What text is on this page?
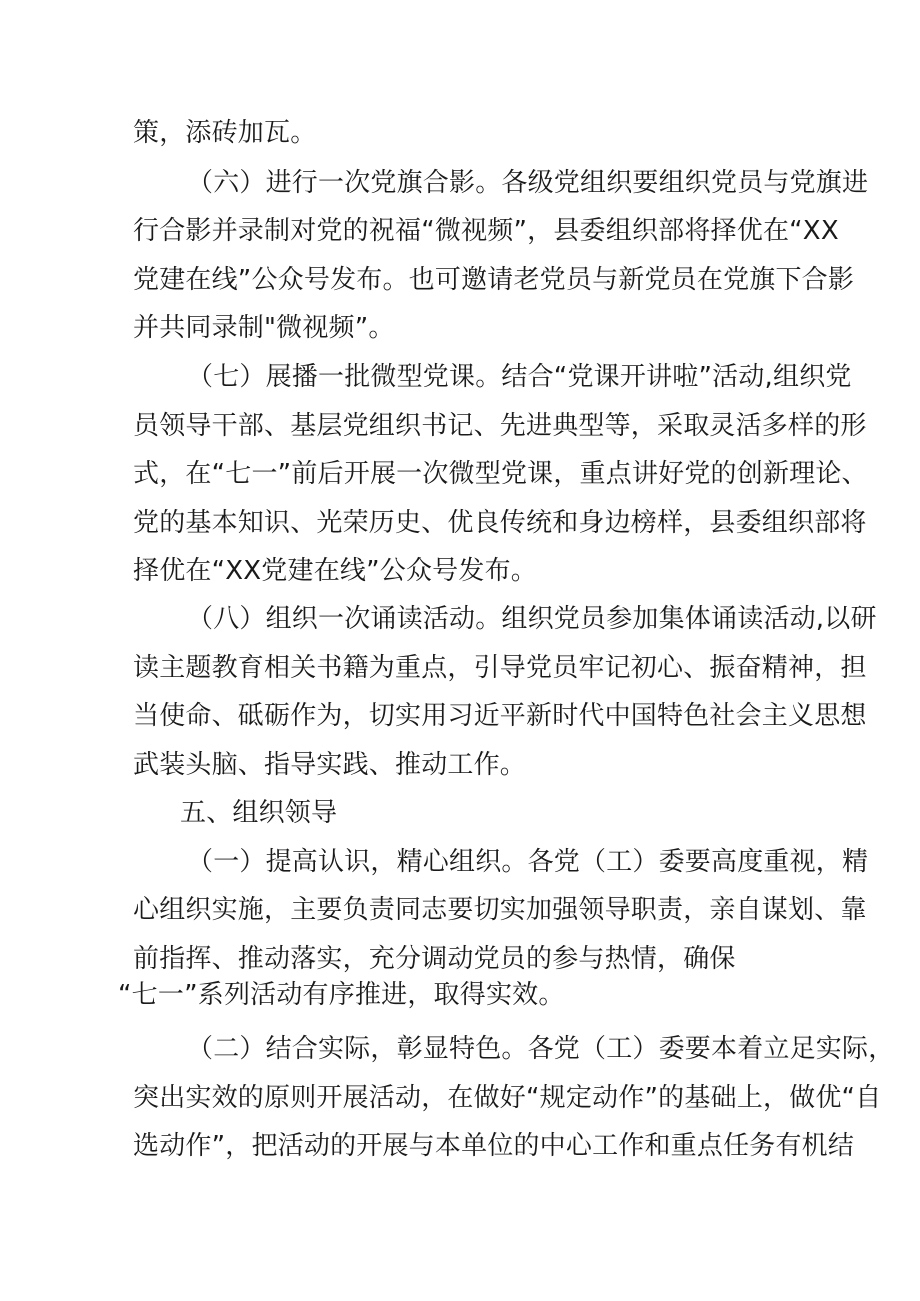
策，添砖加瓦。
（六）进行一次党旗合影。各级党组织要组织党员与党旗进
行合影并录制对党的祝福“微视频”，县委组织部将择优在“XX
党建在线”公众号发布。也可邀请老党员与新党员在党旗下合影
并共同录制"微视频”。
（七）展播一批微型党课。结合“党课开讲啦”活动,组织党
员领导干部、基层党组织书记、先进典型等，采取灵活多样的形
式，在“七一”前后开展一次微型党课，重点讲好党的创新理论、
党的基本知识、光荣历史、优良传统和身边榜样，县委组织部将
择优在“XX党建在线”公众号发布。
（八）组织一次诵读活动。组织党员参加集体诵读活动,以研
读主题教育相关书籍为重点，引导党员牢记初心、振奋精神，担
当使命、砥砺作为，切实用习近平新时代中国特色社会主义思想
武装头脑、指导实践、推动工作。
五、组织领导
（一）提高认识，精心组织。各党（工）委要高度重视，精
心组织实施，主要负责同志要切实加强领导职责，亲自谋划、靠
前指挥、推动落实，充分调动党员的参与热情，确保
“七一”系列活动有序推进，取得实效。
（二）结合实际，彰显特色。各党（工）委要本着立足实际，
突出实效的原则开展活动，在做好“规定动作”的基础上，做优“自
选动作”，把活动的开展与本单位的中心工作和重点任务有机结
